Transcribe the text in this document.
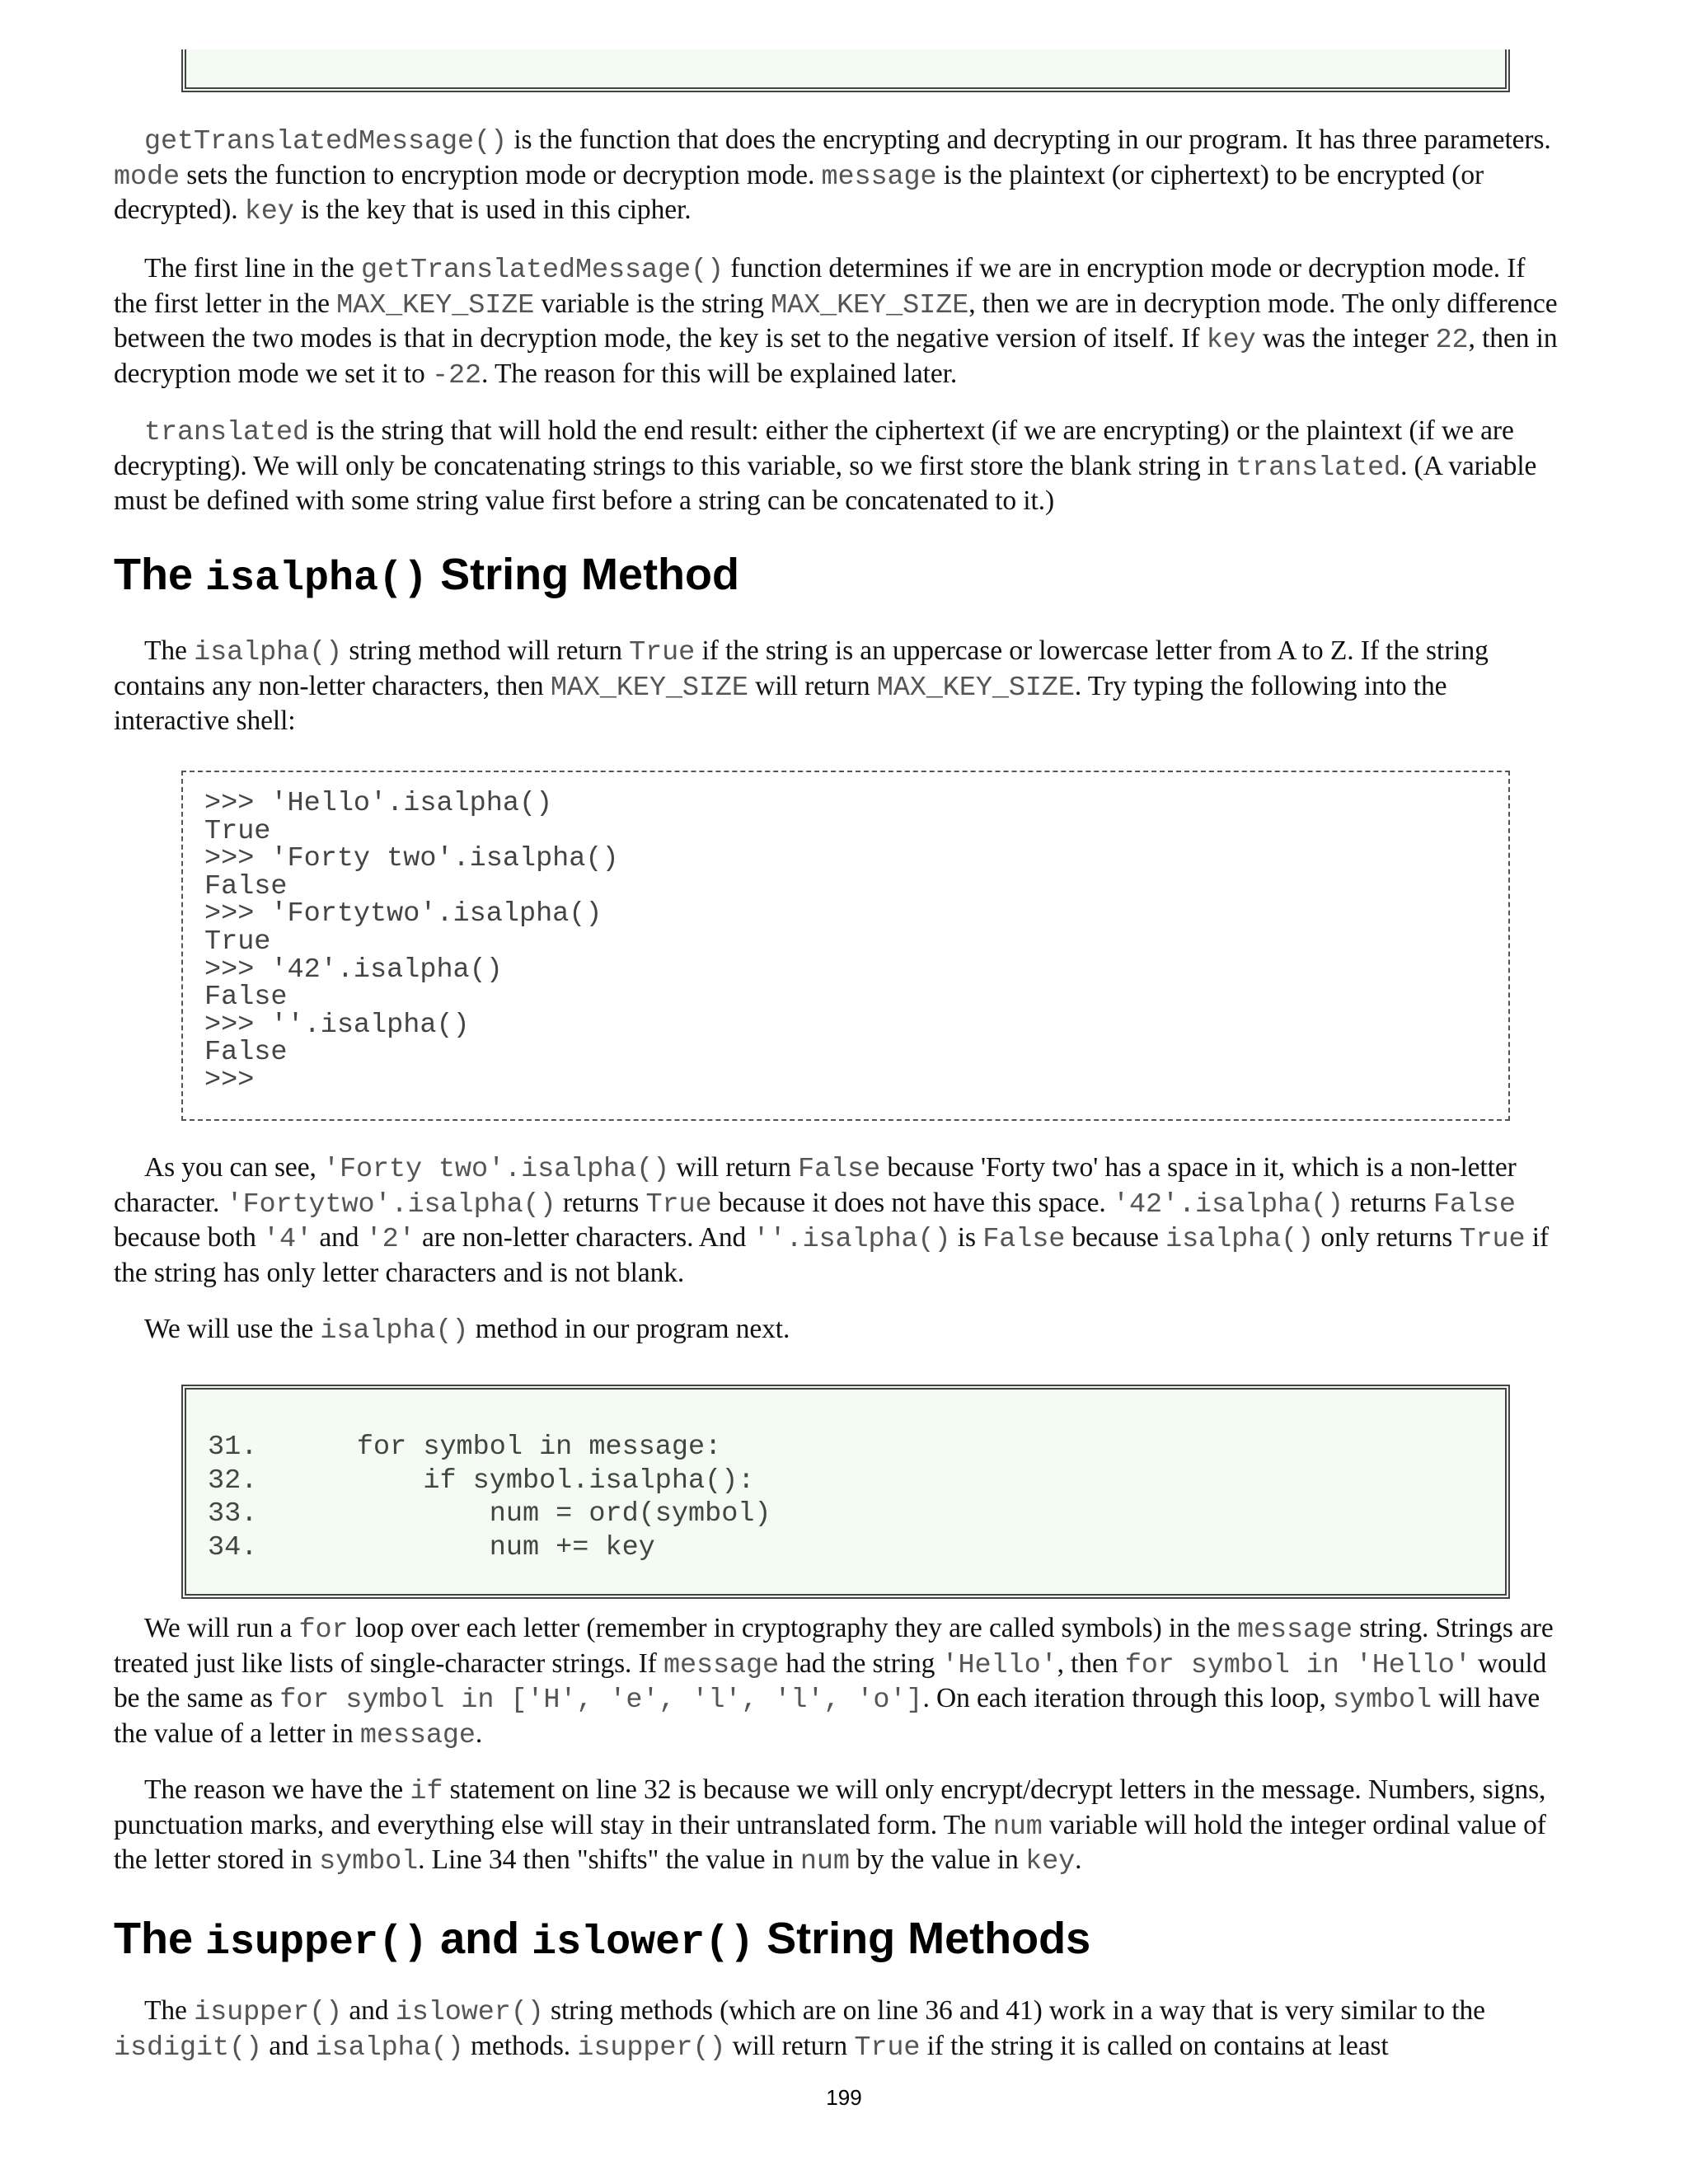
getTranslatedMessage() is the function that does the encrypting and decrypting in our program. It has three parameters. mode sets the function to encryption mode or decryption mode. message is the plaintext (or ciphertext) to be encrypted (or decrypted). key is the key that is used in this cipher.

The first line in the getTranslatedMessage() function determines if we are in encryption mode or decryption mode. If the first letter in the MAX_KEY_SIZE variable is the string MAX_KEY_SIZE, then we are in decryption mode. The only difference between the two modes is that in decryption mode, the key is set to the negative version of itself. If key was the integer 22, then in decryption mode we set it to -22. The reason for this will be explained later.

translated is the string that will hold the end result: either the ciphertext (if we are encrypting) or the plaintext (if we are decrypting). We will only be concatenating strings to this variable, so we first store the blank string in translated. (A variable must be defined with some string value first before a string can be concatenated to it.)

The isalpha() String Method

The isalpha() string method will return True if the string is an uppercase or lowercase letter from A to Z. If the string contains any non-letter characters, then MAX_KEY_SIZE will return MAX_KEY_SIZE. Try typing the following into the interactive shell:

>>> 'Hello'.isalpha()
True
>>> 'Forty two'.isalpha()
False
>>> 'Fortytwo'.isalpha()
True
>>> '42'.isalpha()
False
>>> ''.isalpha()
False
>>>

As you can see, 'Forty two'.isalpha() will return False because 'Forty two' has a space in it, which is a non-letter character. 'Fortytwo'.isalpha() returns True because it does not have this space. '42'.isalpha() returns False because both '4' and '2' are non-letter characters. And ''.isalpha() is False because isalpha() only returns True if the string has only letter characters and is not blank.

We will use the isalpha() method in our program next.

31.      for symbol in message:
32.          if symbol.isalpha():
33.              num = ord(symbol)
34.              num += key

We will run a for loop over each letter (remember in cryptography they are called symbols) in the message string. Strings are treated just like lists of single-character strings. If message had the string 'Hello', then for symbol in 'Hello' would be the same as for symbol in ['H', 'e', 'l', 'l', 'o']. On each iteration through this loop, symbol will have the value of a letter in message.

The reason we have the if statement on line 32 is because we will only encrypt/decrypt letters in the message. Numbers, signs, punctuation marks, and everything else will stay in their untranslated form. The num variable will hold the integer ordinal value of the letter stored in symbol. Line 34 then "shifts" the value in num by the value in key.

The isupper() and islower() String Methods

The isupper() and islower() string methods (which are on line 36 and 41) work in a way that is very similar to the isdigit() and isalpha() methods. isupper() will return True if the string it is called on contains at least

199
